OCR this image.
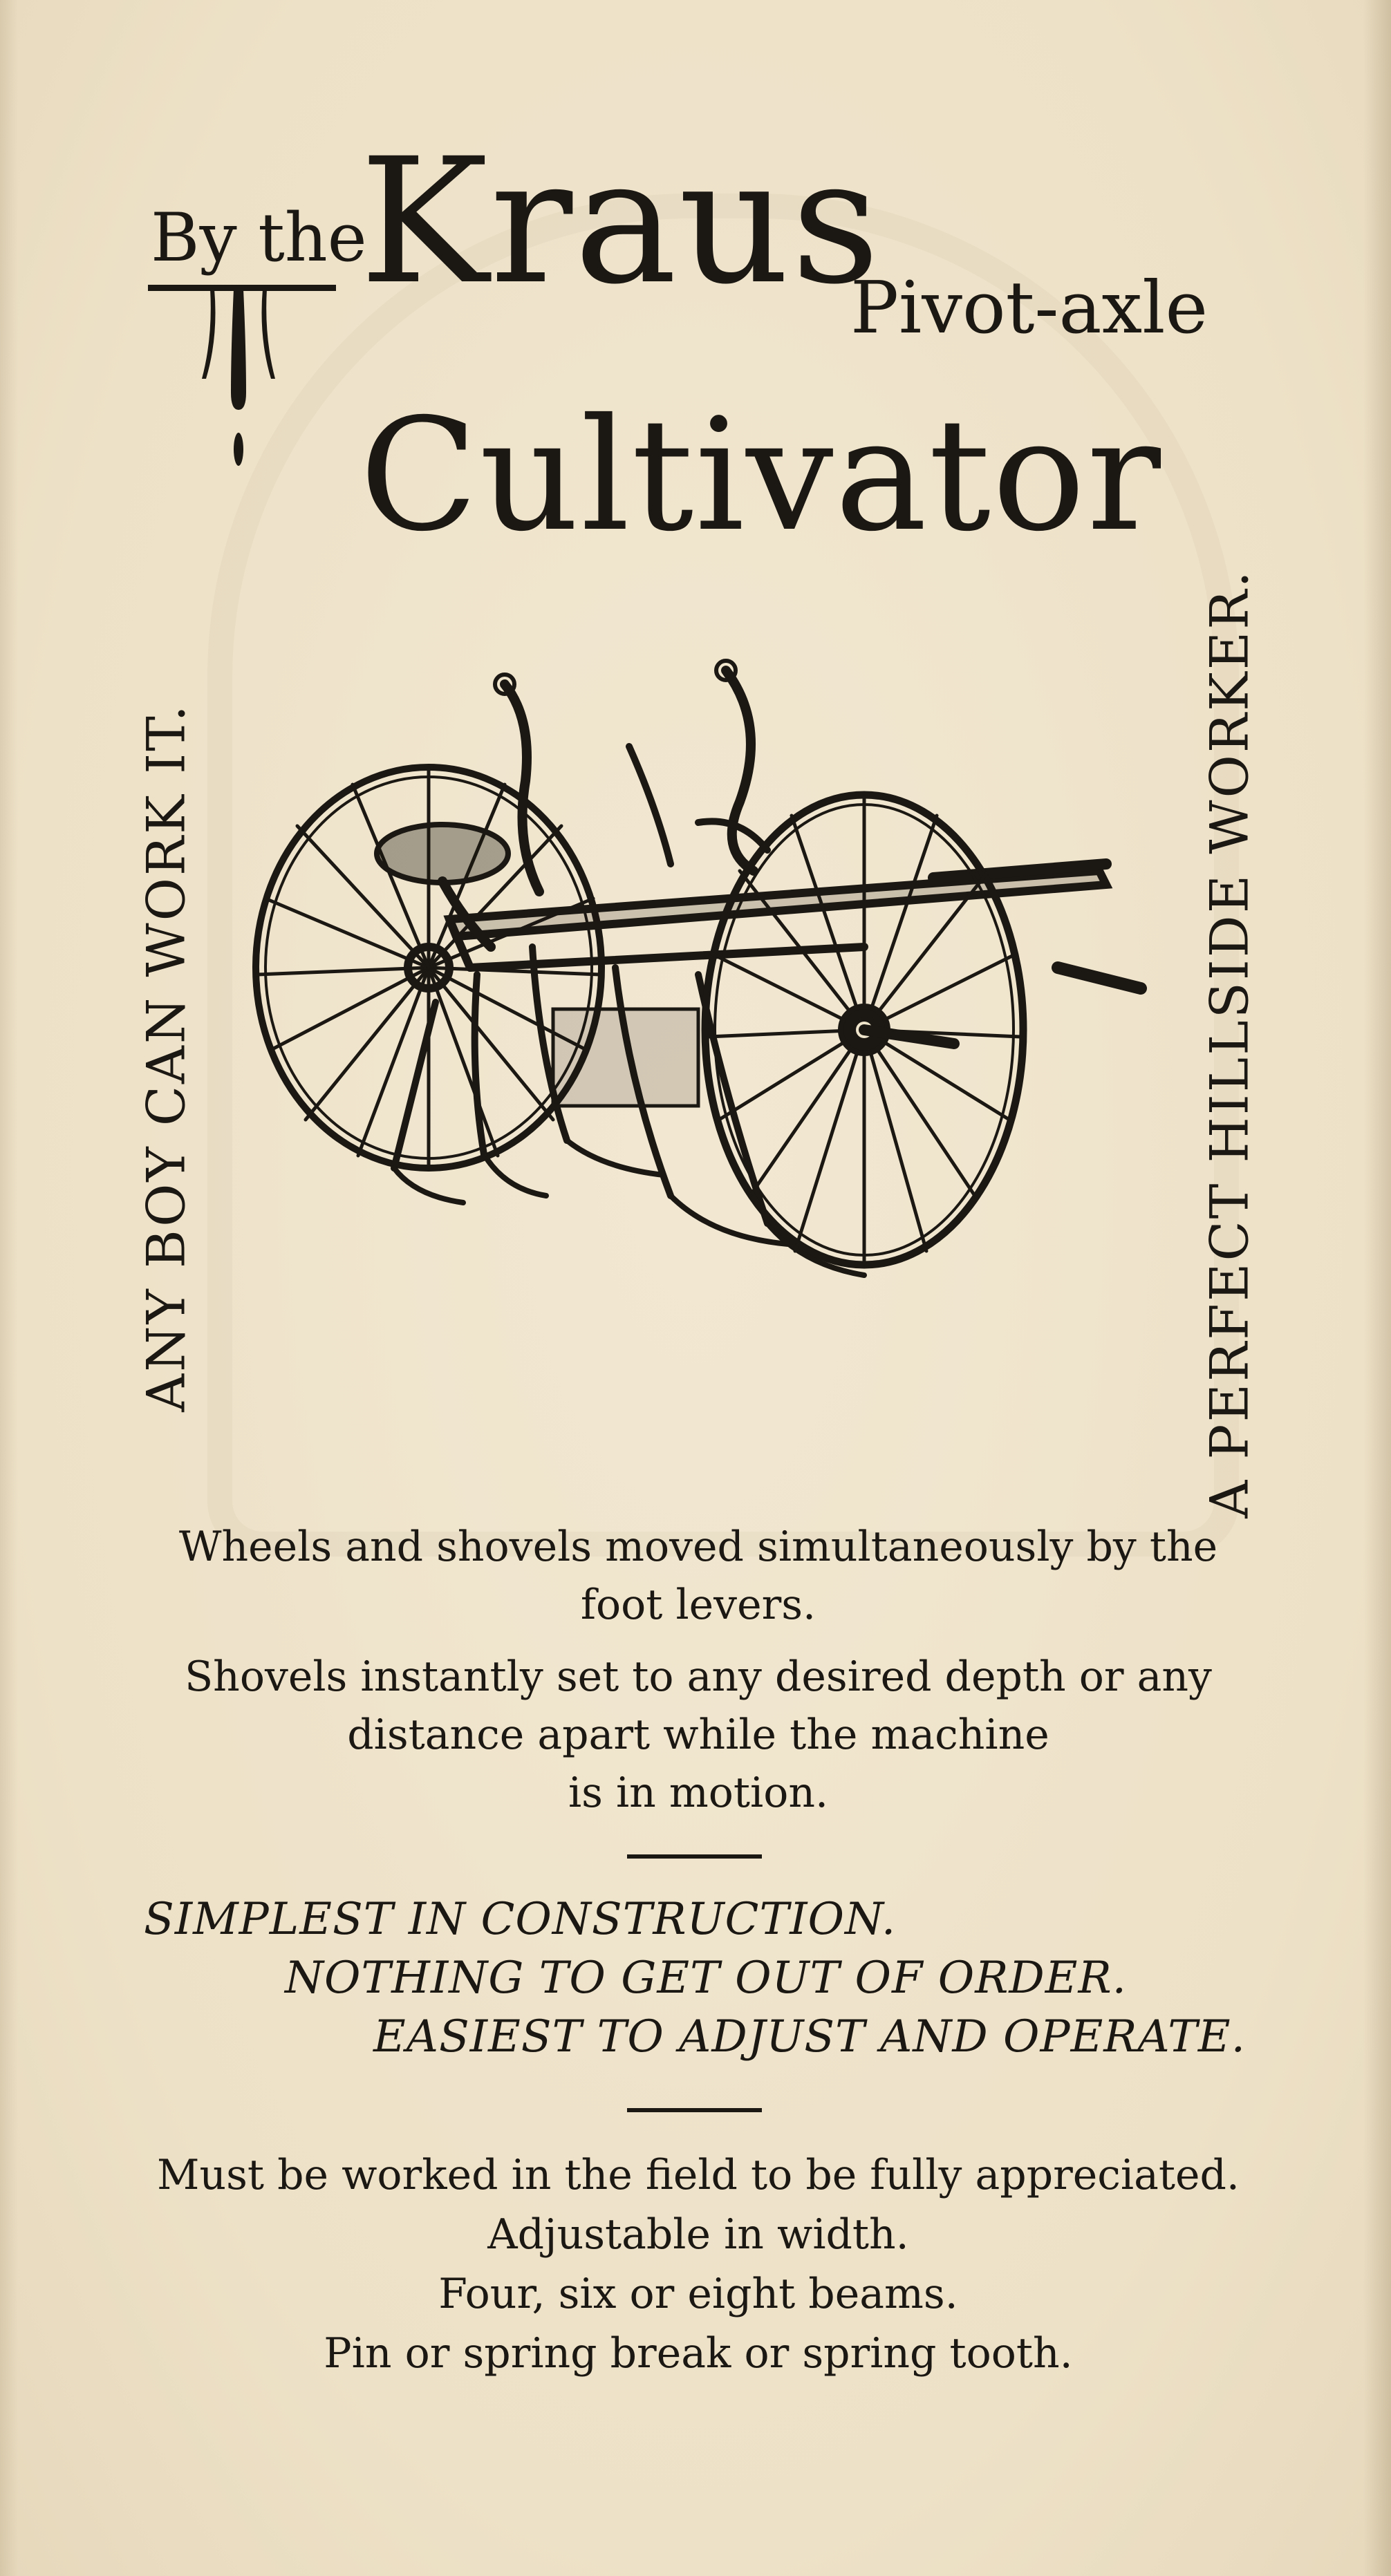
By the
Kraus
Pivot-axle
Cultivator
ANY BOY CAN WORK IT.	A PERFECT HILLSIDE WORKER.
Wheels and shovels moved simultaneously by the
foot levers.
Shovels instantly set to any desired depth or any
distance apart while the machine
is in motion.
SIMPLEST IN CONSTRUCTION.
NOTHING TO GET OUT OF ORDER.
EASIEST TO ADJUST AND OPERATE.
Must be worked in the field to be fully appreciated.
Adjustable in width.
Four, six or eight beams.
Pin or spring break or spring tooth.
